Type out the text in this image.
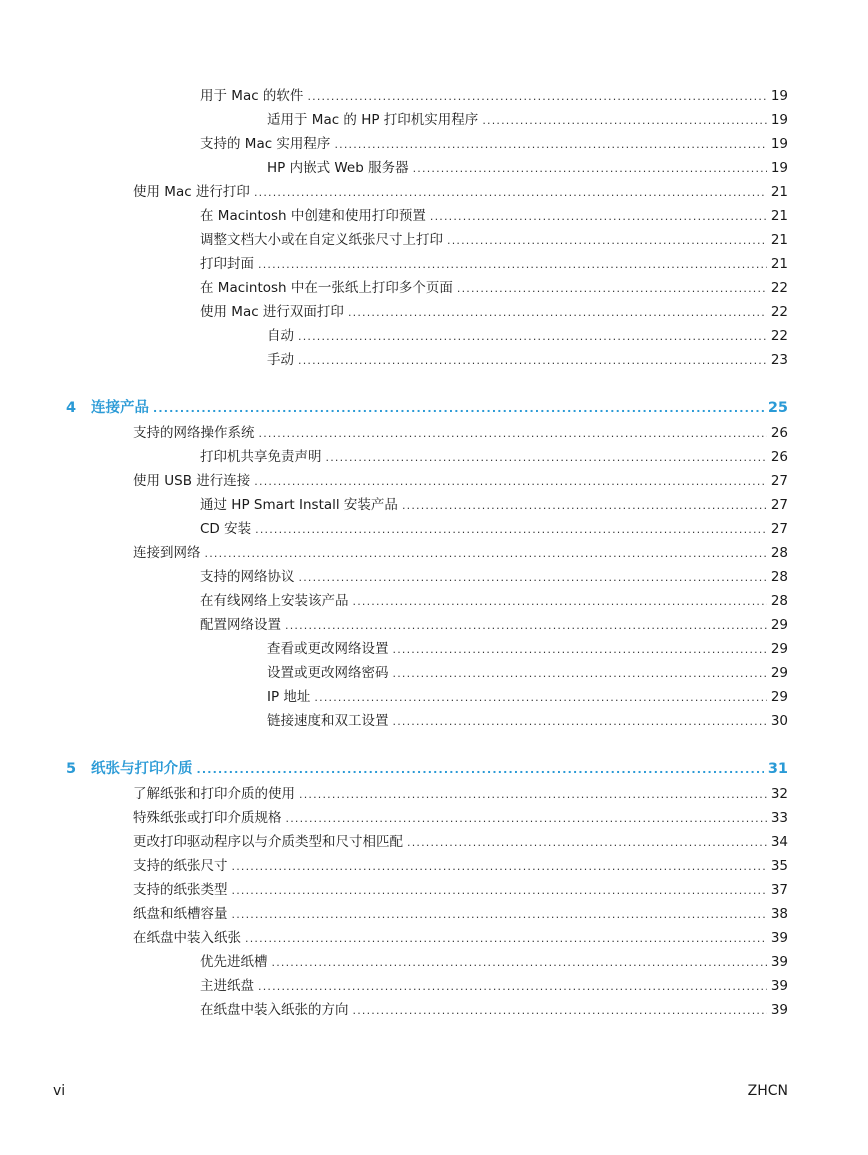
用于 Mac 的软件 .....	19
适用于 Mac 的 HP 打印机实用程序 .....	19
支持的 Mac 实用程序 .....	19
HP 内嵌式 Web 服务器 .....	19
使用 Mac 进行打印 .....	21
在 Macintosh 中创建和使用打印预置 .....	21
调整文档大小或在自定义纸张尺寸上打印 .....	21
打印封面 .....	21
在 Macintosh 中在一张纸上打印多个页面 .....	22
使用 Mac 进行双面打印 .....	22
自动 .....	22
手动 .....	23
4	连接产品 .....	25
支持的网络操作系统 .....	26
打印机共享免责声明 .....	26
使用 USB 进行连接 .....	27
通过 HP Smart Install 安装产品 .....	27
CD 安装 .....	27
连接到网络 .....	28
支持的网络协议 .....	28
在有线网络上安装该产品 .....	28
配置网络设置 .....	29
查看或更改网络设置 .....	29
设置或更改网络密码 .....	29
IP 地址 .....	29
链接速度和双工设置 .....	30
5	纸张与打印介质 .....	31
了解纸张和打印介质的使用 .....	32
特殊纸张或打印介质规格 .....	33
更改打印驱动程序以与介质类型和尺寸相匹配 .....	34
支持的纸张尺寸 .....	35
支持的纸张类型 .....	37
纸盘和纸槽容量 .....	38
在纸盘中装入纸张 .....	39
优先进纸槽 .....	39
主进纸盘 .....	39
在纸盘中装入纸张的方向 .....	39
vi	ZHCN
